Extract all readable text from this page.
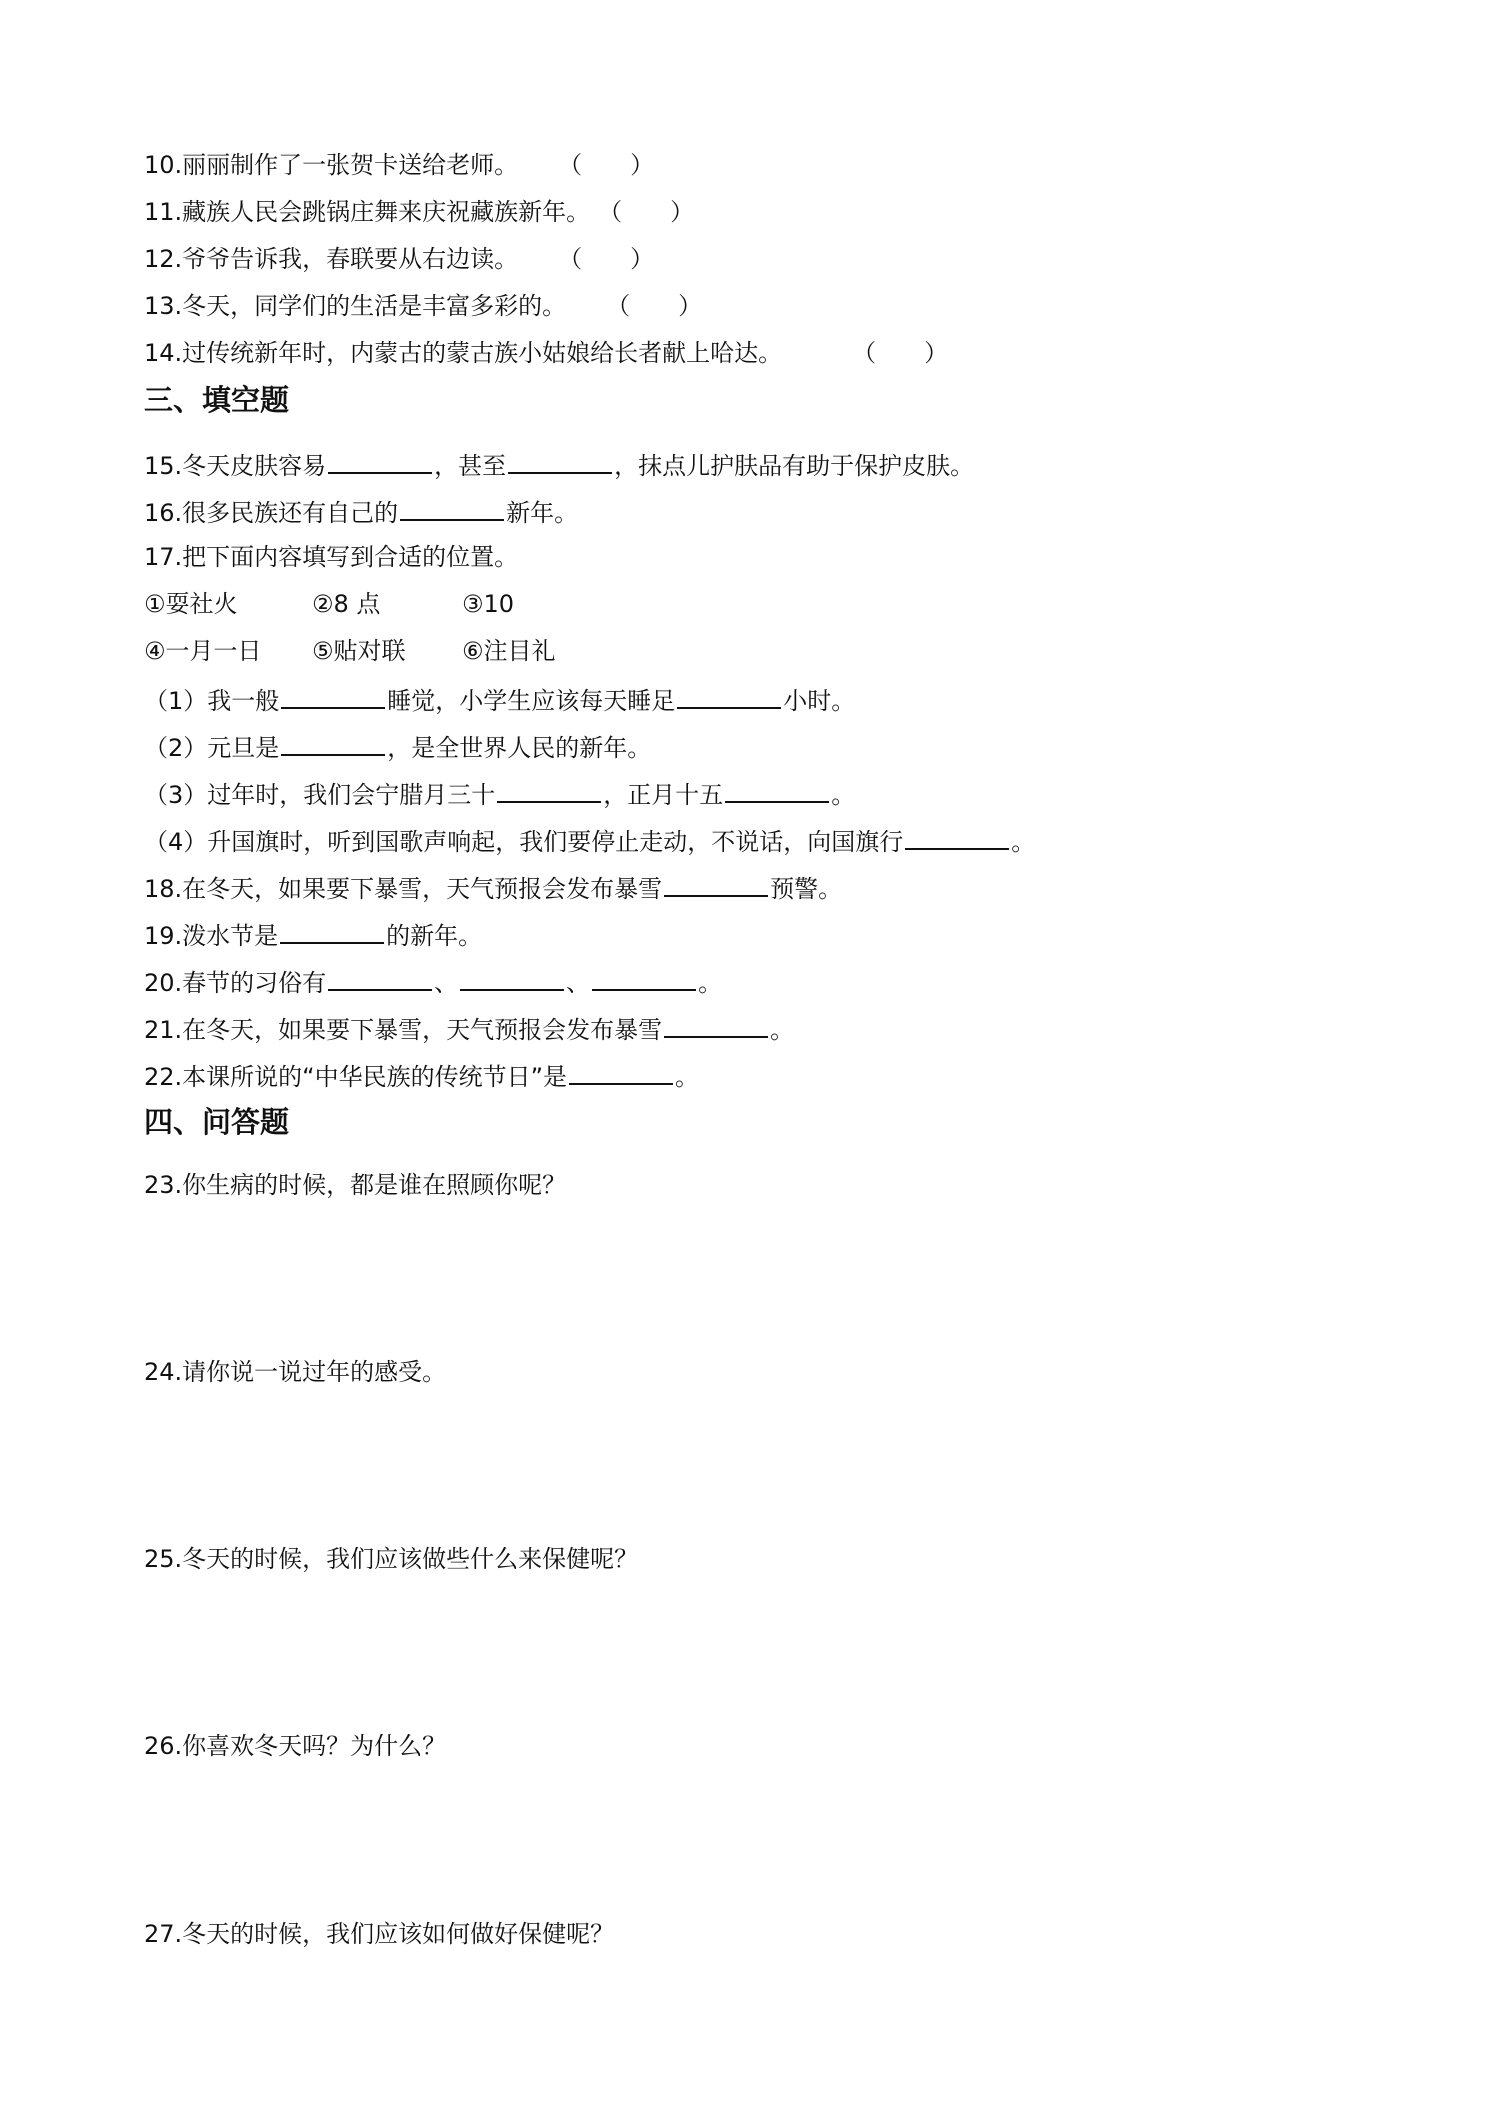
10.丽丽制作了一张贺卡送给老师。 （　　）
11.藏族人民会跳锅庄舞来庆祝藏族新年。 （　　）
12.爷爷告诉我，春联要从右边读。 （　　）
13.冬天，同学们的生活是丰富多彩的。 （　　）
14.过传统新年时，内蒙古的蒙古族小姑娘给长者献上哈达。	（　　）
三、填空题
15.冬天皮肤容易	，甚至	，抹点儿护肤品有助于保护皮肤。
16.很多民族还有自己的	新年。
17.把下面内容填写到合适的位置。
①耍社火	②8 点	③10
④一月一日 ⑤贴对联 ⑥注目礼
（1）我一般	睡觉，小学生应该每天睡足	小时。
（2）元旦是	，是全世界人民的新年。
（3）过年时，我们会宁腊月三十	，正月十五	。
（4）升国旗时，听到国歌声响起，我们要停止走动，不说话，向国旗行	。
18.在冬天，如果要下暴雪，天气预报会发布暴雪	预警。
19.泼水节是	的新年。
20.春节的习俗有	、	、	。
21.在冬天，如果要下暴雪，天气预报会发布暴雪	。
22.本课所说的“中华民族的传统节日”是	。
四、问答题
23.你生病的时候，都是谁在照顾你呢？
24.请你说一说过年的感受。
25.冬天的时候，我们应该做些什么来保健呢？
26.你喜欢冬天吗？为什么？
27.冬天的时候，我们应该如何做好保健呢？
